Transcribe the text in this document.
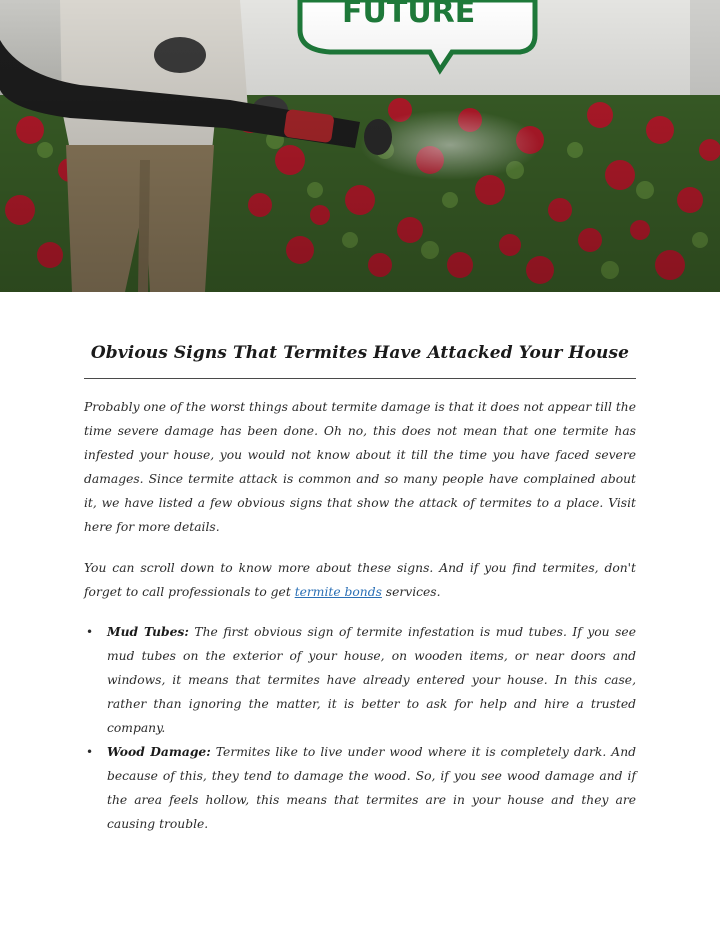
Obvious Signs That Termites Have Attacked Your House

Probably one of the worst things about termite damage is that it does not appear till the time severe damage has been done. Oh no, this does not mean that one termite has infested your house, you would not know about it till the time you have faced severe damages. Since termite attack is common and so many people have complained about it, we have listed a few obvious signs that show the attack of termites to a place. Visit here for more details.

You can scroll down to know more about these signs. And if you find termites, don't forget to call professionals to get termite bonds services.

• Mud Tubes: The first obvious sign of termite infestation is mud tubes. If you see mud tubes on the exterior of your house, on wooden items, or near doors and windows, it means that termites have already entered your house. In this case, rather than ignoring the matter, it is better to ask for help and hire a trusted company.
• Wood Damage: Termites like to live under wood where it is completely dark. And because of this, they tend to damage the wood. So, if you see wood damage and if the area feels hollow, this means that termites are in your house and they are causing trouble.
